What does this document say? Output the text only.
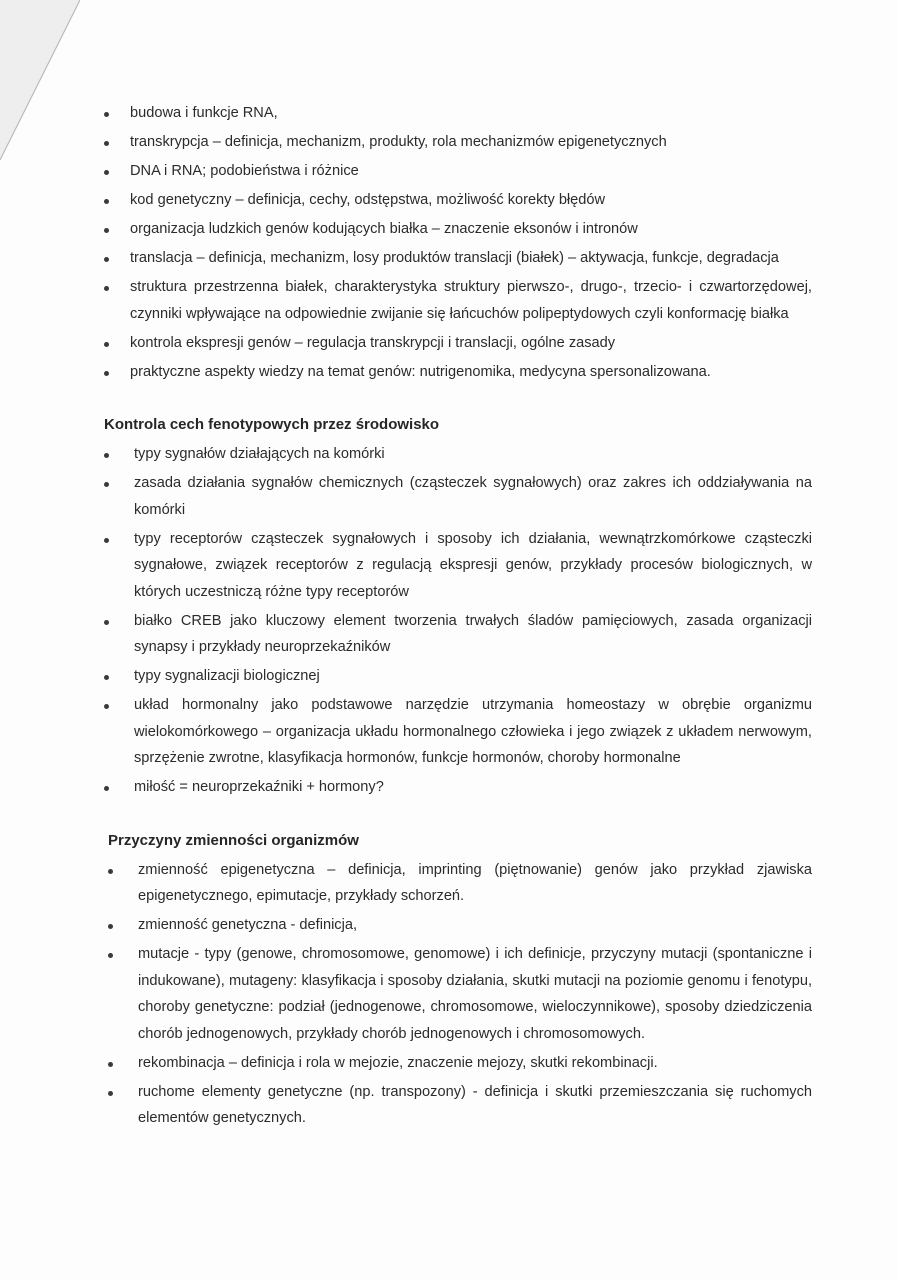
budowa i funkcje RNA,
transkrypcja – definicja, mechanizm, produkty, rola mechanizmów epigenetycznych
DNA i RNA; podobieństwa i różnice
kod genetyczny – definicja, cechy, odstępstwa, możliwość korekty błędów
organizacja ludzkich genów kodujących białka – znaczenie eksonów i intronów
translacja – definicja, mechanizm, losy produktów translacji (białek) – aktywacja, funkcje, degradacja
struktura przestrzenna białek, charakterystyka struktury pierwszo-, drugo-, trzecio- i czwartorzędowej, czynniki wpływające na odpowiednie zwijanie się łańcuchów polipeptydowych czyli konformację białka
kontrola ekspresji genów – regulacja transkrypcji i translacji, ogólne zasady
praktyczne aspekty wiedzy na temat genów: nutrigenomika, medycyna spersonalizowana.
Kontrola cech fenotypowych przez środowisko
typy sygnałów działających na komórki
zasada działania sygnałów chemicznych (cząsteczek sygnałowych) oraz zakres ich oddziaływania na komórki
typy receptorów cząsteczek sygnałowych i sposoby ich działania, wewnątrzkomórkowe cząsteczki sygnałowe, związek receptorów z regulacją ekspresji genów, przykłady procesów biologicznych, w których uczestniczą różne typy receptorów
białko CREB jako kluczowy element tworzenia trwałych śladów pamięciowych, zasada organizacji synapsy i przykłady neuroprzekaźników
typy sygnalizacji biologicznej
układ hormonalny jako podstawowe narzędzie utrzymania homeostazy w obrębie organizmu wielokomórkowego – organizacja układu hormonalnego człowieka i jego związek z układem nerwowym, sprzężenie zwrotne, klasyfikacja hormonów, funkcje hormonów, choroby hormonalne
miłość = neuroprzekaźniki + hormony?
Przyczyny zmienności organizmów
zmienność epigenetyczna – definicja, imprinting (piętnowanie) genów jako przykład zjawiska epigenetycznego, epimutacje, przykłady schorzeń.
zmienność genetyczna - definicja,
mutacje - typy (genowe, chromosomowe, genomowe) i ich definicje, przyczyny mutacji (spontaniczne i indukowane), mutageny: klasyfikacja i sposoby działania, skutki mutacji na poziomie genomu i fenotypu, choroby genetyczne: podział (jednogenowe, chromosomowe, wieloczynnikowe), sposoby dziedziczenia chorób jednogenowych, przykłady chorób jednogenowych i chromosomowych.
rekombinacja – definicja i rola w mejozie, znaczenie mejozy, skutki rekombinacji.
ruchome elementy genetyczne (np. transpozony) - definicja i skutki przemieszczania się ruchomych elementów genetycznych.
